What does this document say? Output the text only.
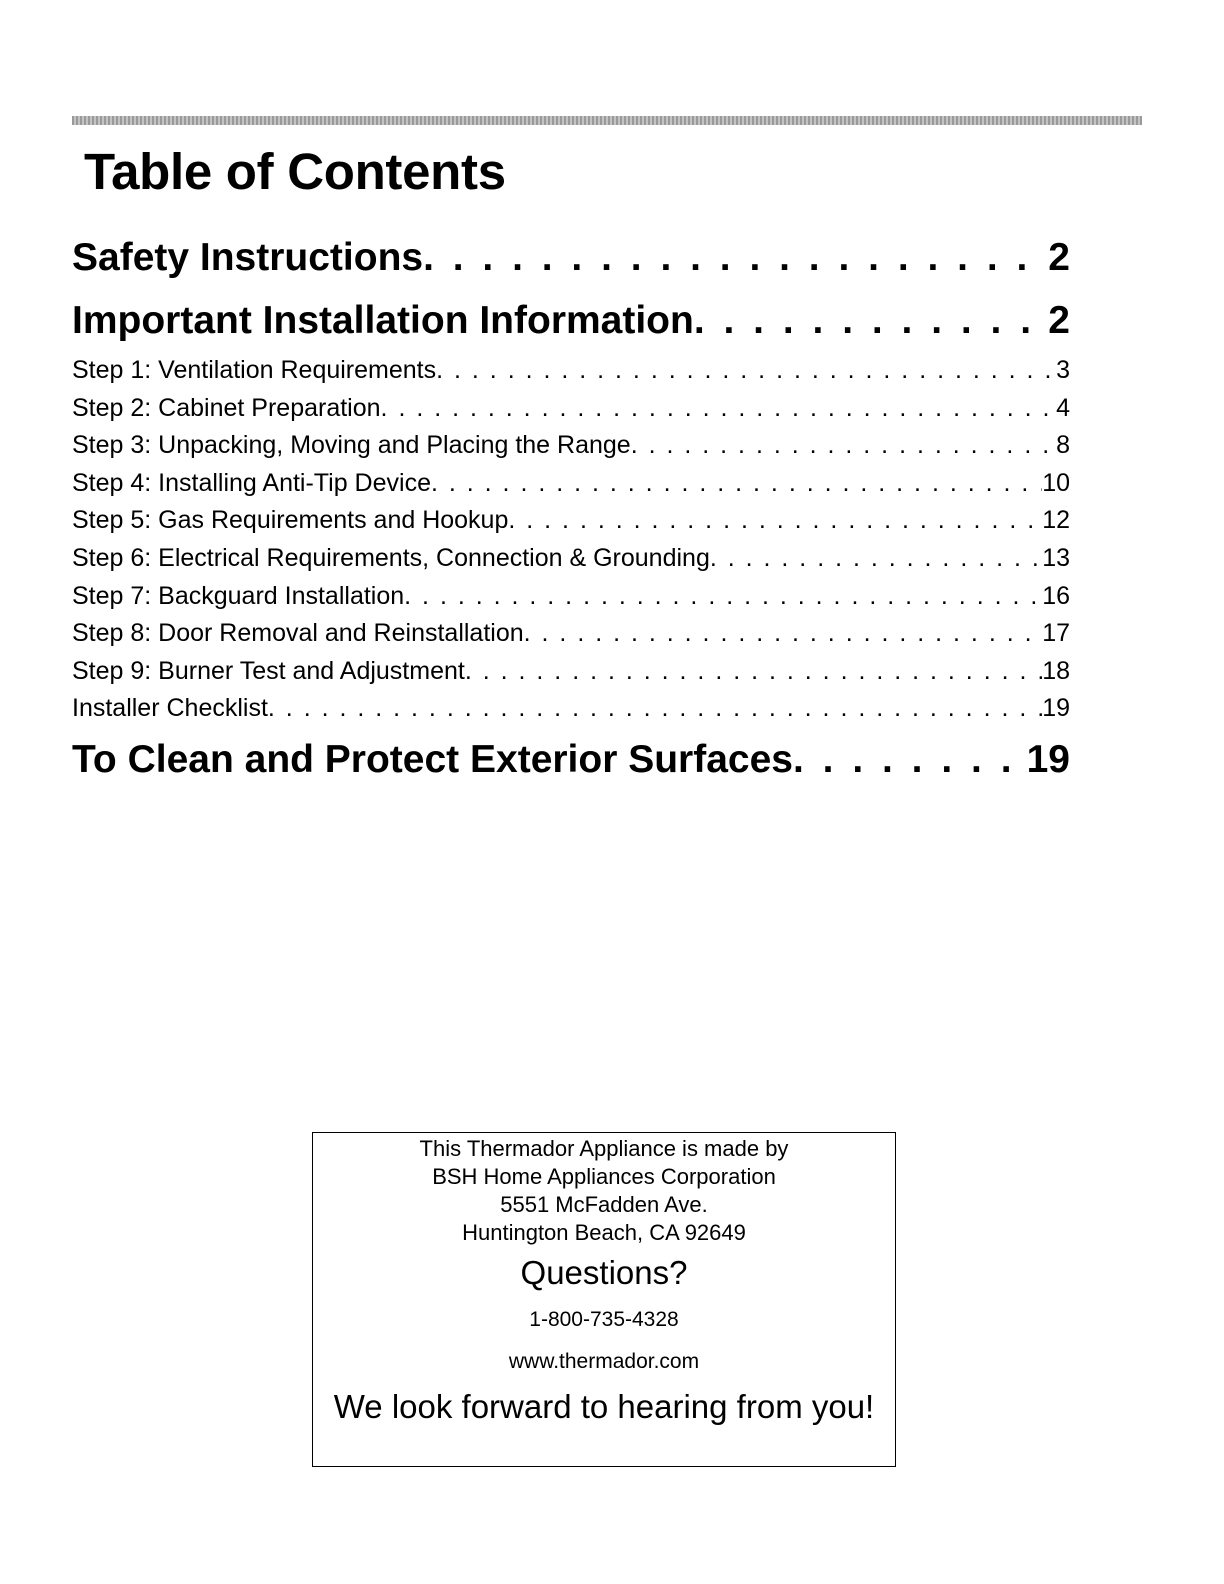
Table of Contents
Safety Instructions . . .	2
Important Installation Information . . .	2
Step 1: Ventilation Requirements . . .	3
Step 2: Cabinet Preparation . . .	4
Step 3: Unpacking, Moving and Placing the Range . . .	8
Step 4: Installing Anti-Tip Device . . .	10
Step 5: Gas Requirements and Hookup . . .	12
Step 6: Electrical Requirements, Connection & Grounding . . .	13
Step 7: Backguard Installation . . .	16
Step 8: Door Removal and Reinstallation . . .	17
Step 9: Burner Test and Adjustment . . .	18
Installer Checklist . . .	19
To Clean and Protect Exterior Surfaces . . .	19
This Thermador Appliance is made by
BSH Home Appliances Corporation
5551 McFadden Ave.
Huntington Beach, CA 92649
Questions?
1-800-735-4328
www.thermador.com
We look forward to hearing from you!
